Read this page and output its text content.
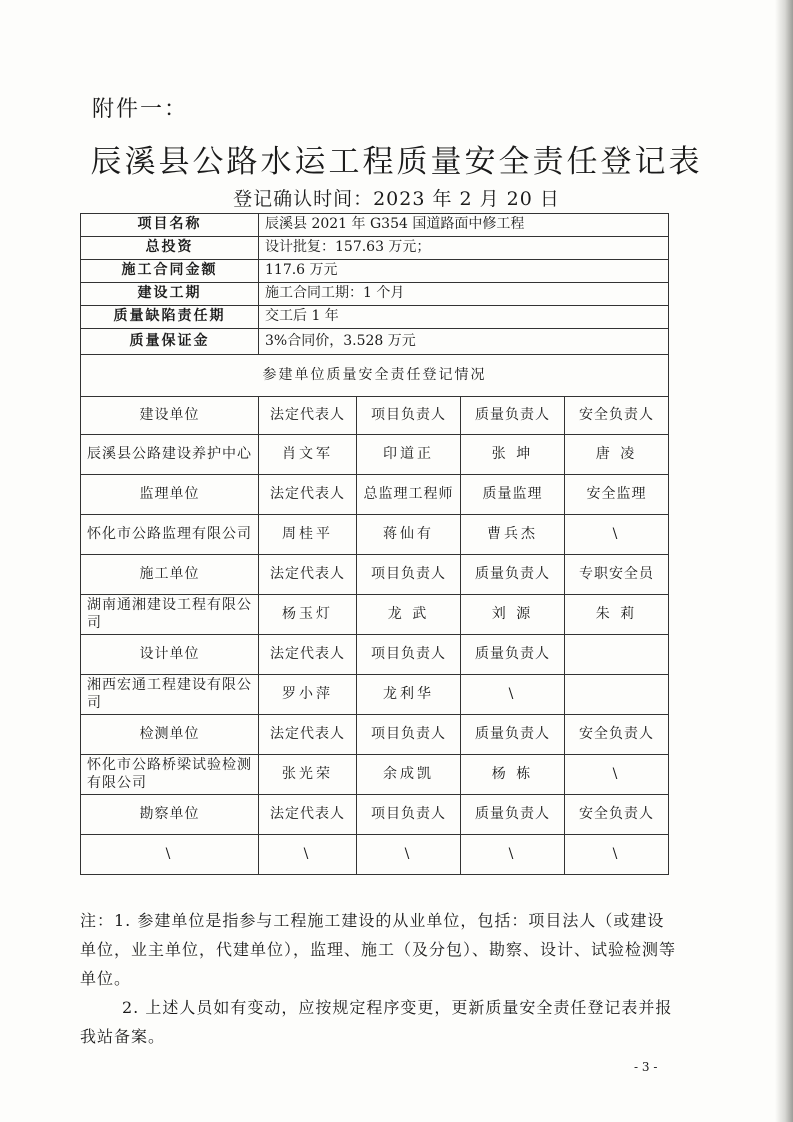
附件一：
辰溪县公路水运工程质量安全责任登记表
登记确认时间：2023 年 2 月 20 日
项目名称	辰溪县 2021 年 G354 国道路面中修工程			
总投资	设计批复：157.63 万元；			
施工合同金额	117.6 万元			
建设工期	施工合同工期：1 个月			
质量缺陷责任期	交工后 1 年			
质量保证金	3%合同价，3.528 万元			
参建单位质量安全责任登记情况				
建设单位	法定代表人	项目负责人	质量负责人	安全负责人
辰溪县公路建设养护中心	肖文军	印道正	张 坤	唐 凌
监理单位	法定代表人	总监理工程师	质量监理	安全监理
怀化市公路监理有限公司	周桂平	蒋仙有	曹兵杰	\
施工单位	法定代表人	项目负责人	质量负责人	专职安全员
湖南通湘建设工程有限公司	杨玉灯	龙 武	刘 源	朱 莉
设计单位	法定代表人	项目负责人	质量负责人	
湘西宏通工程建设有限公司	罗小萍	龙利华	\	
检测单位	法定代表人	项目负责人	质量负责人	安全负责人
怀化市公路桥梁试验检测有限公司	张光荣	余成凯	杨 栋	\
勘察单位	法定代表人	项目负责人	质量负责人	安全负责人
\	\	\	\	\
注：1. 参建单位是指参与工程施工建设的从业单位，包括：项目法人（或建设单位，业主单位，代建单位），监理、施工（及分包）、勘察、设计、试验检测等单位。
2. 上述人员如有变动，应按规定程序变更，更新质量安全责任登记表并报我站备案。
- 3 -
